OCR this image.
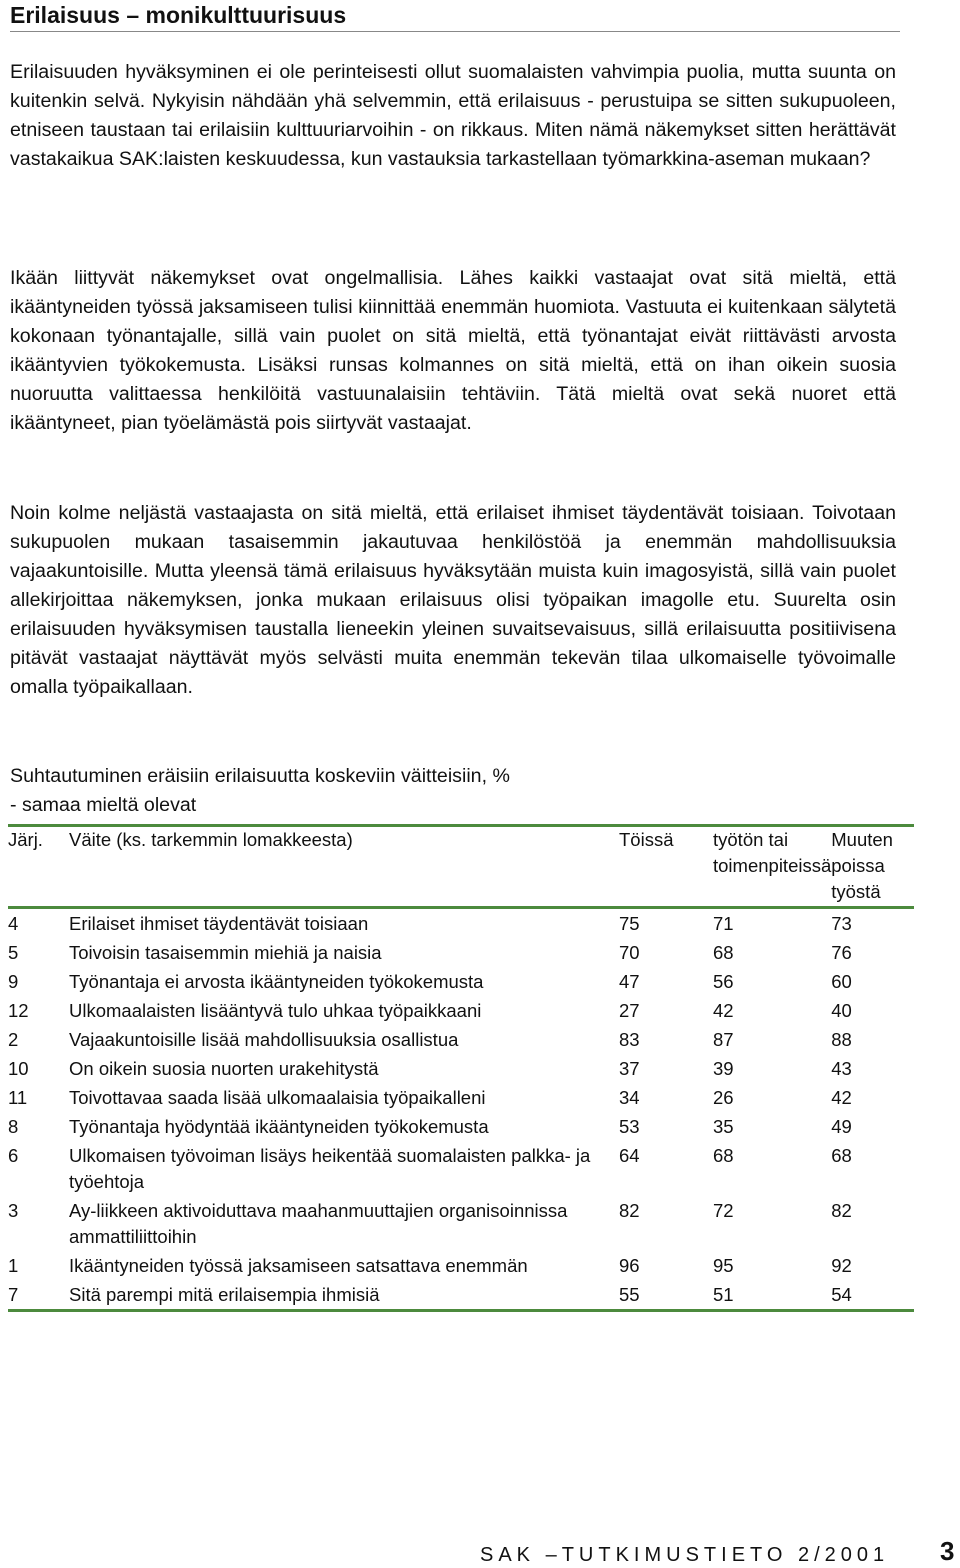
Erilaisuus – monikulttuurisuus

Erilaisuuden hyväksyminen ei ole perinteisesti ollut suomalaisten vahvimpia puolia, mutta suunta on kuitenkin selvä. Nykyisin nähdään yhä selvemmin, että erilaisuus - perustuipa se sitten sukupuoleen, etniseen taustaan tai erilaisiin kulttuuriarvoihin - on rikkaus. Miten nämä näkemykset sitten herättävät vastakaikua SAK:laisten keskuudessa, kun vastauksia tarkastellaan työmarkkina-aseman mukaan?

Ikään liittyvät näkemykset ovat ongelmallisia. Lähes kaikki vastaajat ovat sitä mieltä, että ikääntyneiden työssä jaksamiseen tulisi kiinnittää enemmän huomiota. Vastuuta ei kuitenkaan sälytetä kokonaan työnantajalle, sillä vain puolet on sitä mieltä, että työnantajat eivät riittävästi arvosta ikääntyvien työkokemusta. Lisäksi runsas kolmannes on sitä mieltä, että on ihan oikein suosia nuoruutta valittaessa henkilöitä vastuunalaisiin tehtäviin. Tätä mieltä ovat sekä nuoret että ikääntyneet, pian työelämästä pois siirtyvät vastaajat.

Noin kolme neljästä vastaajasta on sitä mieltä, että erilaiset ihmiset täydentävät toisiaan. Toivotaan sukupuolen mukaan tasaisemmin jakautuvaa henkilöstöä ja enemmän mahdollisuuksia vajaakuntoisille. Mutta yleensä tämä erilaisuus hyväksytään muista kuin imagosyistä, sillä vain puolet allekirjoittaa näkemyksen, jonka mukaan erilaisuus olisi työpaikan imagolle etu. Suurelta osin erilaisuuden hyväksymisen taustalla lieneekin yleinen suvaitsevaisuus, sillä erilaisuutta positiivisena pitävät vastaajat näyttävät myös selvästi muita enemmän tekevän tilaa ulkomaiselle työvoimalle omalla työpaikallaan.

Suhtautuminen eräisiin erilaisuutta koskeviin väitteisiin, %
- samaa mieltä olevat
Järj.	Väite (ks. tarkemmin lomakkeesta)	Töissä	työtön tai toimenpiteissä	Muuten poissa työstä
4	Erilaiset ihmiset täydentävät toisiaan	75	71	73
5	Toivoisin tasaisemmin miehiä ja naisia	70	68	76
9	Työnantaja ei arvosta ikääntyneiden työkokemusta	47	56	60
12	Ulkomaalaisten lisääntyvä tulo uhkaa työpaikkaani	27	42	40
2	Vajaakuntoisille lisää mahdollisuuksia osallistua	83	87	88
10	On oikein suosia nuorten urakehitystä	37	39	43
11	Toivottavaa saada lisää ulkomaalaisia työpaikalleni	34	26	42
8	Työnantaja hyödyntää ikääntyneiden työkokemusta	53	35	49
6	Ulkomaisen työvoiman lisäys heikentää suomalaisten palkka- ja työehtoja	64	68	68
3	Ay-liikkeen aktivoiduttava maahanmuuttajien organisoinnissa ammattiliittoihin	82	72	82
1	Ikääntyneiden työssä jaksamiseen satsattava enemmän	96	95	92
7	Sitä parempi mitä erilaisempia ihmisiä	55	51	54
SAK –TUTKIMUSTIETO 2/2001 3
